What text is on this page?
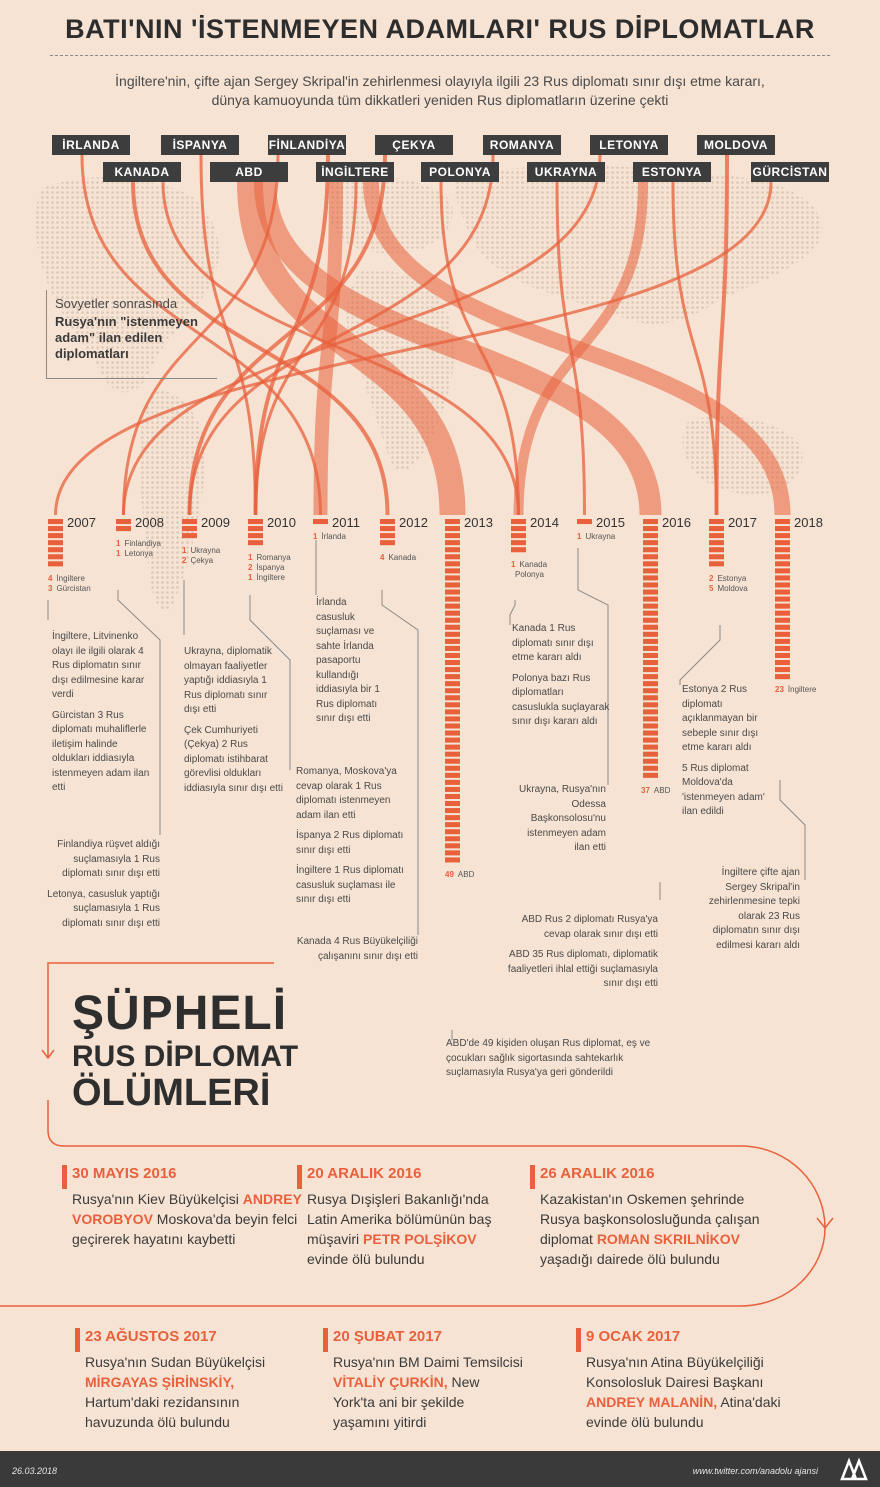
BATI'NIN 'İSTENMEYEN ADAMLARI' RUS DİPLOMATLAR
İngiltere'nin, çifte ajan Sergey Skripal'in zehirlenmesi olayıyla ilgili 23 Rus diplomatı sınır dışı etme kararı,
dünya kamuoyunda tüm dikkatleri yeniden Rus diplomatların üzerine çekti
İRLANDA	İSPANYA	FİNLANDİYA	ÇEKYA	ROMANYA	LETONYA	MOLDOVA
KANADA	ABD	İNGİLTERE	POLONYA	UKRAYNA	ESTONYA	GÜRCİSTAN
Sovyetler sonrasında
Rusya'nın "istenmeyen adam" ilan edilen diplomatları
2007
4 İngiltere
3 Gürcistan
2008
1 Finlandiya
1 Letonya
2009
1 Ukrayna
2 Çekya
2010
1 Romanya
2 İspanya
1 İngiltere
2011
1 İrlanda
2012
4 Kanada
2013
49 ABD
2014
1 Kanada
Polonya
2015
1 Ukrayna
2016
37 ABD
2017
2 Estonya
5 Moldova
2018
23 İngiltere

İngiltere, Litvinenko olayı ile ilgili olarak 4 Rus diplomatın sınır dışı edilmesine karar verdi

Gürcistan 3 Rus diplomatı muhaliflerle iletişim halinde oldukları iddiasıyla istenmeyen adam ilan etti

Finlandiya rüşvet aldığı suçlamasıyla 1 Rus diplomatı sınır dışı etti

Letonya, casusluk yaptığı suçlamasıyla 1 Rus diplomatı sınır dışı etti

Ukrayna, diplomatik olmayan faaliyetler yaptığı iddiasıyla 1 Rus diplomatı sınır dışı etti

Çek Cumhuriyeti (Çekya) 2 Rus diplomatı istihbarat görevlisi oldukları iddiasıyla sınır dışı etti

İrlanda casusluk suçlaması ve sahte İrlanda pasaportu kullandığı iddiasıyla bir 1 Rus diplomatı sınır dışı etti

Romanya, Moskova'ya cevap olarak 1 Rus diplomatı istenmeyen adam ilan etti

İspanya 2 Rus diplomatı sınır dışı etti

İngiltere 1 Rus diplomatı casusluk suçlaması ile sınır dışı etti

Kanada 4 Rus Büyükelçiliği çalışanını sınır dışı etti

Kanada 1 Rus diplomatı sınır dışı etme kararı aldı

Polonya bazı Rus diplomatları casuslukla suçlayarak sınır dışı kararı aldı

Ukrayna, Rusya'nın Odessa Başkonsolosu'nu istenmeyen adam ilan etti

ABD Rus 2 diplomatı Rusya'ya cevap olarak sınır dışı etti

ABD 35 Rus diplomatı, diplomatik faaliyetleri ihlal ettiği suçlamasıyla sınır dışı etti

ABD'de 49 kişiden oluşan Rus diplomat, eş ve çocukları sağlık sigortasında sahtekarlık suçlamasıyla Rusya'ya geri gönderildi

Estonya 2 Rus diplomatı açıklanmayan bir sebeple sınır dışı etme kararı aldı

5 Rus diplomat Moldova'da 'istenmeyen adam' ilan edildi

İngiltere çifte ajan Sergey Skripal'in zehirlenmesine tepki olarak 23 Rus diplomatın sınır dışı edilmesi kararı aldı

ŞÜPHELİ
RUS DİPLOMAT
ÖLÜMLERİ
30 MAYIS 2016
Rusya'nın Kiev Büyükelçisi ANDREY VOROBYOV Moskova'da beyin felci geçirerek hayatını kaybetti
20 ARALIK 2016
Rusya Dışişleri Bakanlığı'nda Latin Amerika bölümünün baş müşaviri PETR POLŞİKOV evinde ölü bulundu
26 ARALIK 2016
Kazakistan'ın Oskemen şehrinde Rusya başkonsolosluğunda çalışan diplomat ROMAN SKRILNİKOV yaşadığı dairede ölü bulundu
23 AĞUSTOS 2017
Rusya'nın Sudan Büyükelçisi MİRGAYAS ŞİRİNSKİY, Hartum'daki rezidansının havuzunda ölü bulundu
20 ŞUBAT 2017
Rusya'nın BM Daimi Temsilcisi VİTALİY ÇURKİN, New York'ta ani bir şekilde yaşamını yitirdi
9 OCAK 2017
Rusya'nın Atina Büyükelçiliği Konsolosluk Dairesi Başkanı ANDREY MALANİN, Atina'daki evinde ölü bulundu
26.03.2018	www.twitter.com/anadolu ajansi
